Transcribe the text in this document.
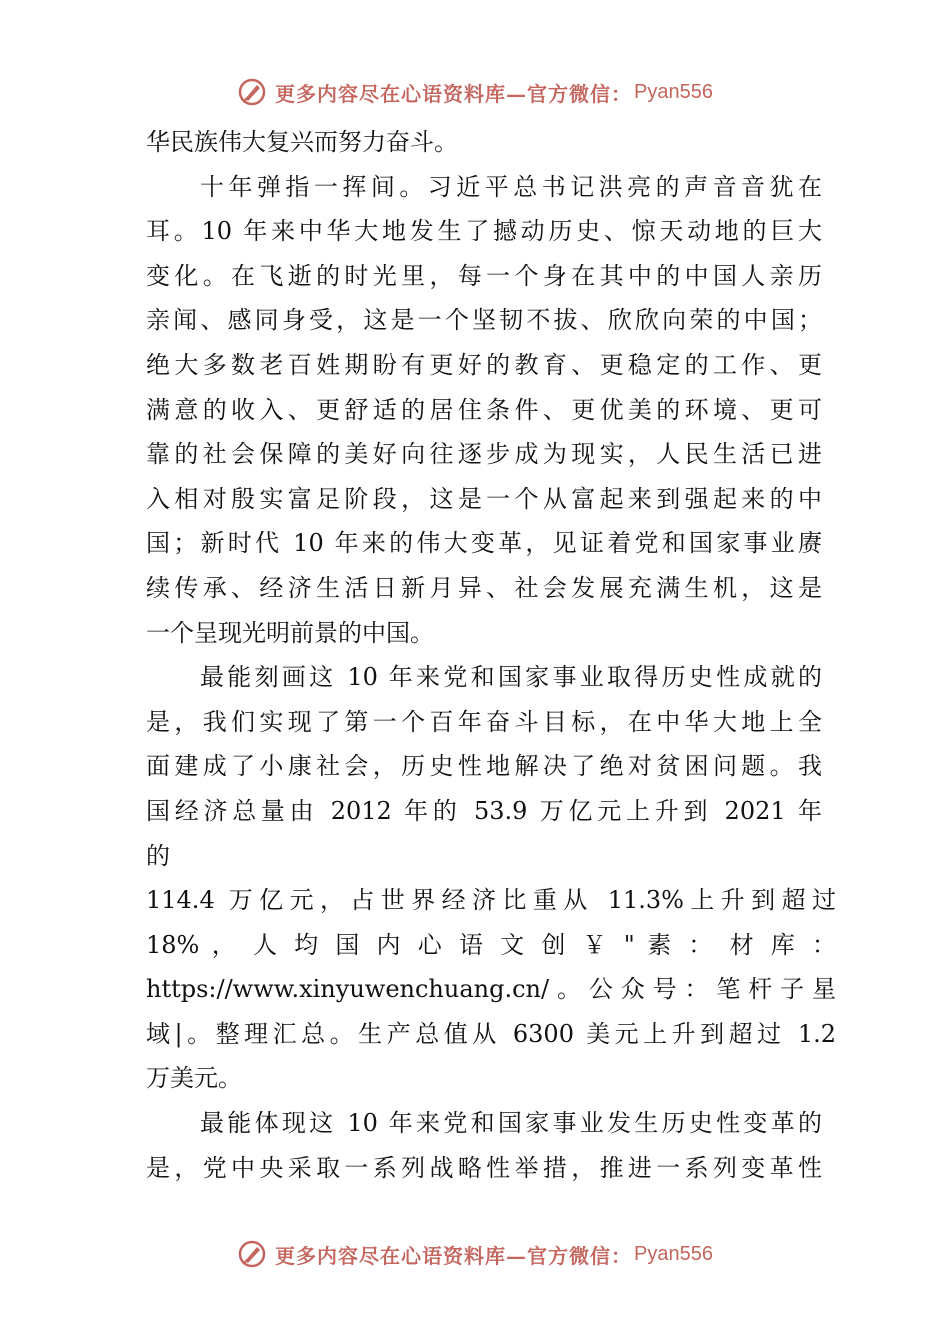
更多内容尽在心语资料库—官方微信： Pyan556
华民族伟大复兴而努力奋斗。
十年弹指一挥间。习近平总书记洪亮的声音音犹在
耳。10 年来中华大地发生了撼动历史、惊天动地的巨大
变化。在飞逝的时光里，每一个身在其中的中国人亲历
亲闻、感同身受，这是一个坚韧不拔、欣欣向荣的中国；
绝大多数老百姓期盼有更好的教育、更稳定的工作、更
满意的收入、更舒适的居住条件、更优美的环境、更可
靠的社会保障的美好向往逐步成为现实，人民生活已进
入相对殷实富足阶段，这是一个从富起来到强起来的中
国；新时代 10 年来的伟大变革，见证着党和国家事业赓
续传承、经济生活日新月异、社会发展充满生机，这是
一个呈现光明前景的中国。
最能刻画这 10 年来党和国家事业取得历史性成就的
是，我们实现了第一个百年奋斗目标，在中华大地上全
面建成了小康社会，历史性地解决了绝对贫困问题。我
国经济总量由 2012 年的 53.9 万亿元上升到 2021 年
的
114.4 万亿元，占世界经济比重从 11.3%上升到超过
18% ， 人 均 国 内 心 语 文 创 ￥ " 素 ： 材 库 ：
https://www.xinyuwenchuang.cn/。公众号：笔杆子星
域|。整理汇总。生产总值从 6300 美元上升到超过 1.2
万美元。
最能体现这 10 年来党和国家事业发生历史性变革的
是，党中央采取一系列战略性举措，推进一系列变革性
更多内容尽在心语资料库—官方微信： Pyan556
